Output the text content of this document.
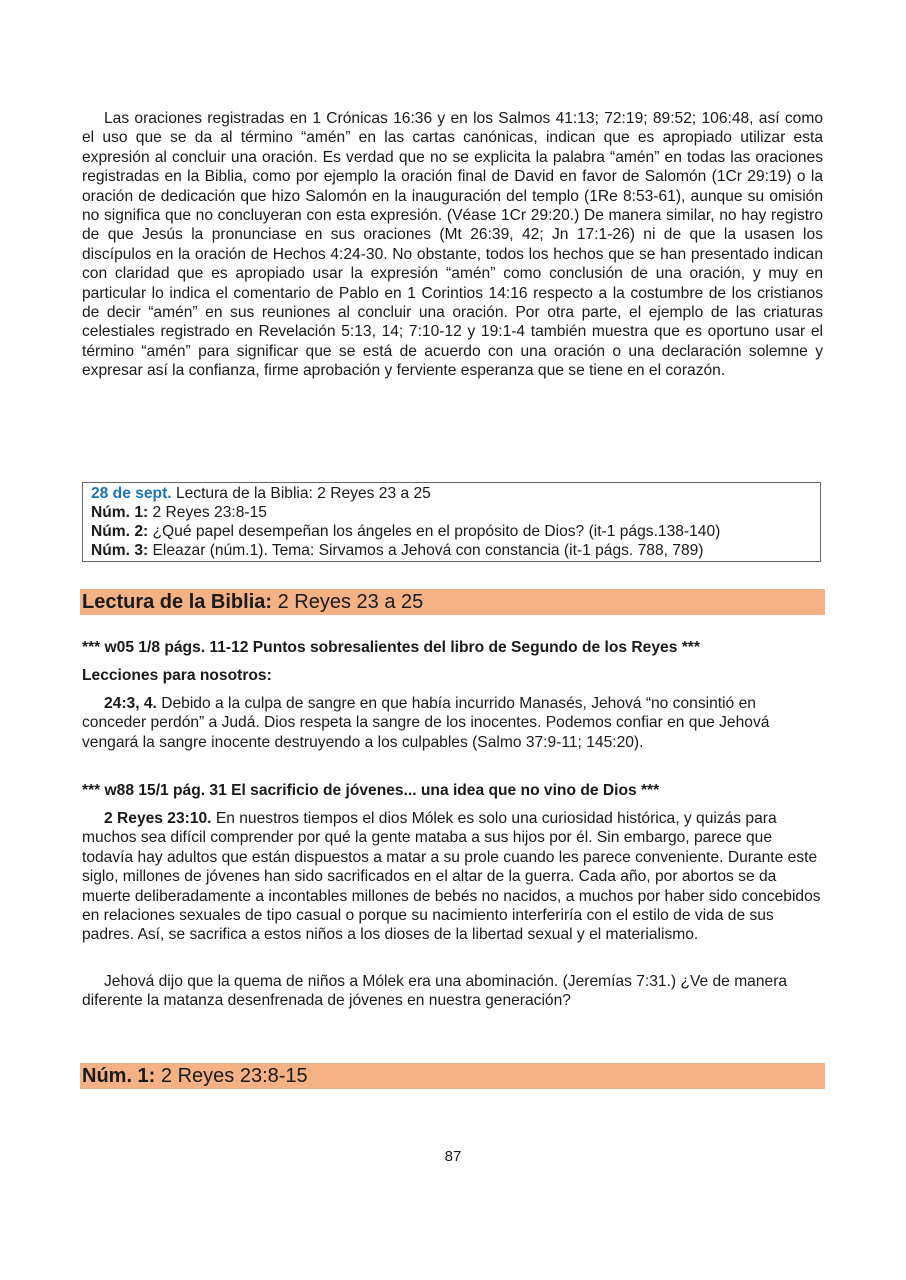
Las oraciones registradas en 1 Crónicas 16:36 y en los Salmos 41:13; 72:19; 89:52; 106:48, así como el uso que se da al término “amén” en las cartas canónicas, indican que es apropiado utilizar esta expresión al concluir una oración. Es verdad que no se explicita la palabra “amén” en todas las oraciones registradas en la Biblia, como por ejemplo la oración final de David en favor de Salomón (1Cr 29:19) o la oración de dedicación que hizo Salomón en la inauguración del templo (1Re 8:53-61), aunque su omisión no significa que no concluyeran con esta expresión. (Véase 1Cr 29:20.) De manera similar, no hay registro de que Jesús la pronunciase en sus oraciones (Mt 26:39, 42; Jn 17:1-26) ni de que la usasen los discípulos en la oración de Hechos 4:24-30. No obstante, todos los hechos que se han presentado indican con claridad que es apropiado usar la expresión “amén” como conclusión de una oración, y muy en particular lo indica el comentario de Pablo en 1 Corintios 14:16 respecto a la costumbre de los cristianos de decir “amén” en sus reuniones al concluir una oración. Por otra parte, el ejemplo de las criaturas celestiales registrado en Revelación 5:13, 14; 7:10-12 y 19:1-4 también muestra que es oportuno usar el término “amén” para significar que se está de acuerdo con una oración o una declaración solemne y expresar así la confianza, firme aprobación y ferviente esperanza que se tiene en el corazón.

28 de sept. Lectura de la Biblia: 2 Reyes 23 a 25
Núm. 1: 2 Reyes 23:8-15
Núm. 2: ¿Qué papel desempeñan los ángeles en el propósito de Dios? (it-1 págs.138-140)
Núm. 3: Eleazar (núm.1). Tema: Sirvamos a Jehová con constancia (it-1 págs. 788, 789)
Lectura de la Biblia: 2 Reyes 23 a 25
*** w05 1/8 págs. 11-12 Puntos sobresalientes del libro de Segundo de los Reyes ***
Lecciones para nosotros:

24:3, 4. Debido a la culpa de sangre en que había incurrido Manasés, Jehová “no consintió en conceder perdón” a Judá. Dios respeta la sangre de los inocentes. Podemos confiar en que Jehová vengará la sangre inocente destruyendo a los culpables (Salmo 37:9-11; 145:20).

*** w88 15/1 pág. 31 El sacrificio de jóvenes... una idea que no vino de Dios ***

2 Reyes 23:10. En nuestros tiempos el dios Mólek es solo una curiosidad histórica, y quizás para muchos sea difícil comprender por qué la gente mataba a sus hijos por él. Sin embargo, parece que todavía hay adultos que están dispuestos a matar a su prole cuando les parece conveniente. Durante este siglo, millones de jóvenes han sido sacrificados en el altar de la guerra. Cada año, por abortos se da muerte deliberadamente a incontables millones de bebés no nacidos, a muchos por haber sido concebidos en relaciones sexuales de tipo casual o porque su nacimiento interferiría con el estilo de vida de sus padres. Así, se sacrifica a estos niños a los dioses de la libertad sexual y el materialismo.

Jehová dijo que la quema de niños a Mólek era una abominación. (Jeremías 7:31.) ¿Ve de manera diferente la matanza desenfrenada de jóvenes en nuestra generación?

Núm. 1: 2 Reyes 23:8-15
87
